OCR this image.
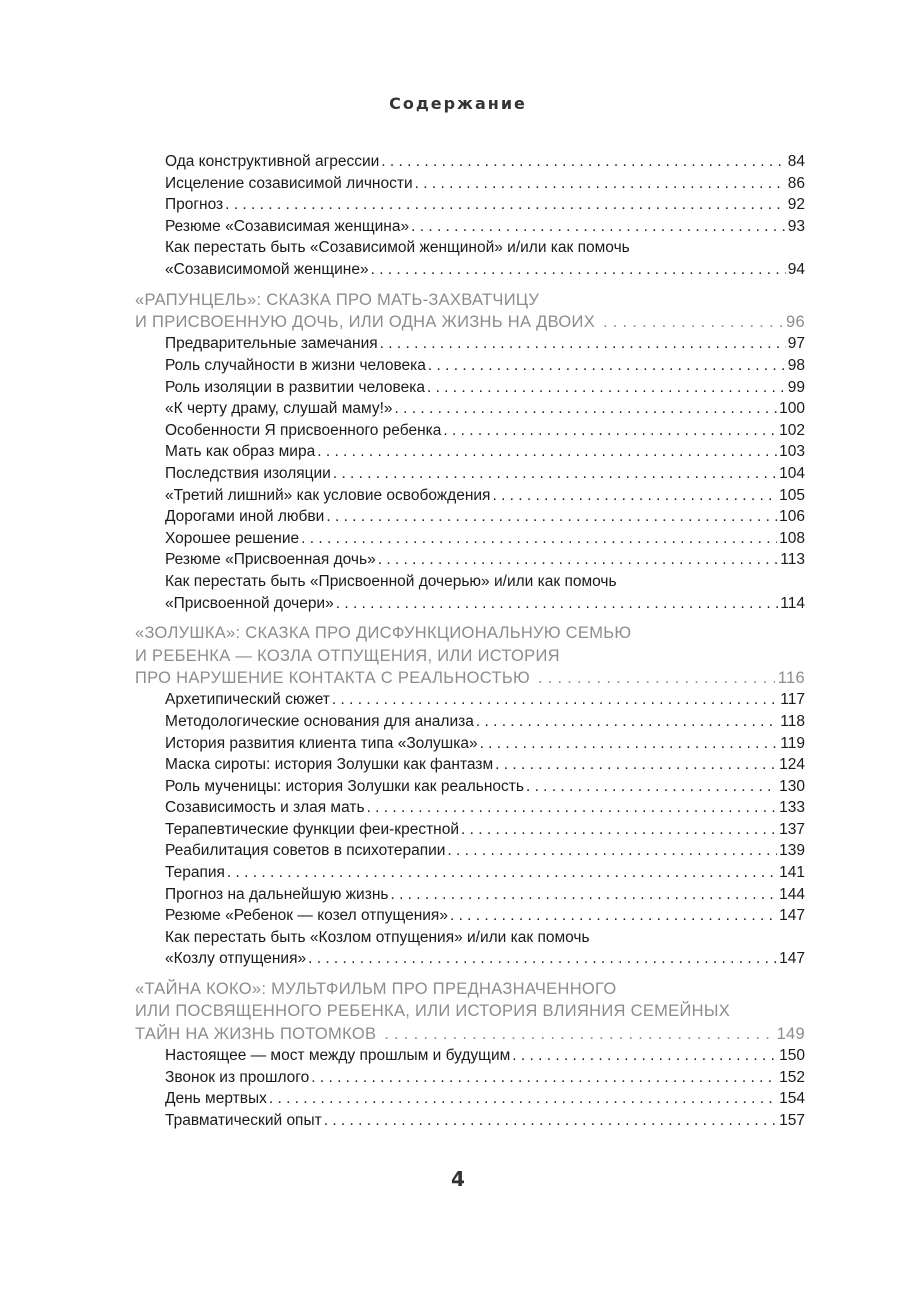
Содержание
Ода конструктивной агрессии . . .	84
Исцеление созависимой личности . . .	86
Прогноз . . .	92
Резюме «Созависимая женщина» . . .	93
Как перестать быть «Созависимой женщиной» и/или как помочь
«Созависимомой женщине» . . .	94
«РАПУНЦЕЛЬ»: СКАЗКА ПРО МАТЬ-ЗАХВАТЧИЦУ
И ПРИСВОЕННУЮ ДОЧЬ, ИЛИ ОДНА ЖИЗНЬ НА ДВОИХ . . .	96
Предварительные замечания . . .	97
Роль случайности в жизни человека . . .	98
Роль изоляции в развитии человека . . .	99
«К черту драму, слушай маму!» . . .	100
Особенности Я присвоенного ребенка . . .	102
Мать как образ мира . . .	103
Последствия изоляции . . .	104
«Третий лишний» как условие освобождения . . .	105
Дорогами иной любви . . .	106
Хорошее решение . . .	108
Резюме «Присвоенная дочь» . . .	113
Как перестать быть «Присвоенной дочерью» и/или как помочь
«Присвоенной дочери» . . .	114
«ЗОЛУШКА»: СКАЗКА ПРО ДИСФУНКЦИОНАЛЬНУЮ СЕМЬЮ
И РЕБЕНКА — КОЗЛА ОТПУЩЕНИЯ, ИЛИ ИСТОРИЯ
ПРО НАРУШЕНИЕ КОНТАКТА С РЕАЛЬНОСТЬЮ . . .	116
Архетипический сюжет . . .	117
Методологические основания для анализа . . .	118
История развития клиента типа «Золушка» . . .	119
Маска сироты: история Золушки как фантазм . . .	124
Роль мученицы: история Золушки как реальность . . .	130
Созависимость и злая мать . . .	133
Терапевтические функции феи-крестной . . .	137
Реабилитация советов в психотерапии . . .	139
Терапия . . .	141
Прогноз на дальнейшую жизнь . . .	144
Резюме «Ребенок — козел отпущения» . . .	147
Как перестать быть «Козлом отпущения» и/или как помочь
«Козлу отпущения» . . .	147
«ТАЙНА КОКО»: МУЛЬТФИЛЬМ ПРО ПРЕДНАЗНАЧЕННОГО
ИЛИ ПОСВЯЩЕННОГО РЕБЕНКА, ИЛИ ИСТОРИЯ ВЛИЯНИЯ СЕМЕЙНЫХ
ТАЙН НА ЖИЗНЬ ПОТОМКОВ . . .	149
Настоящее — мост между прошлым и будущим . . .	150
Звонок из прошлого . . .	152
День мертвых . . .	154
Травматический опыт . . .	157
4
